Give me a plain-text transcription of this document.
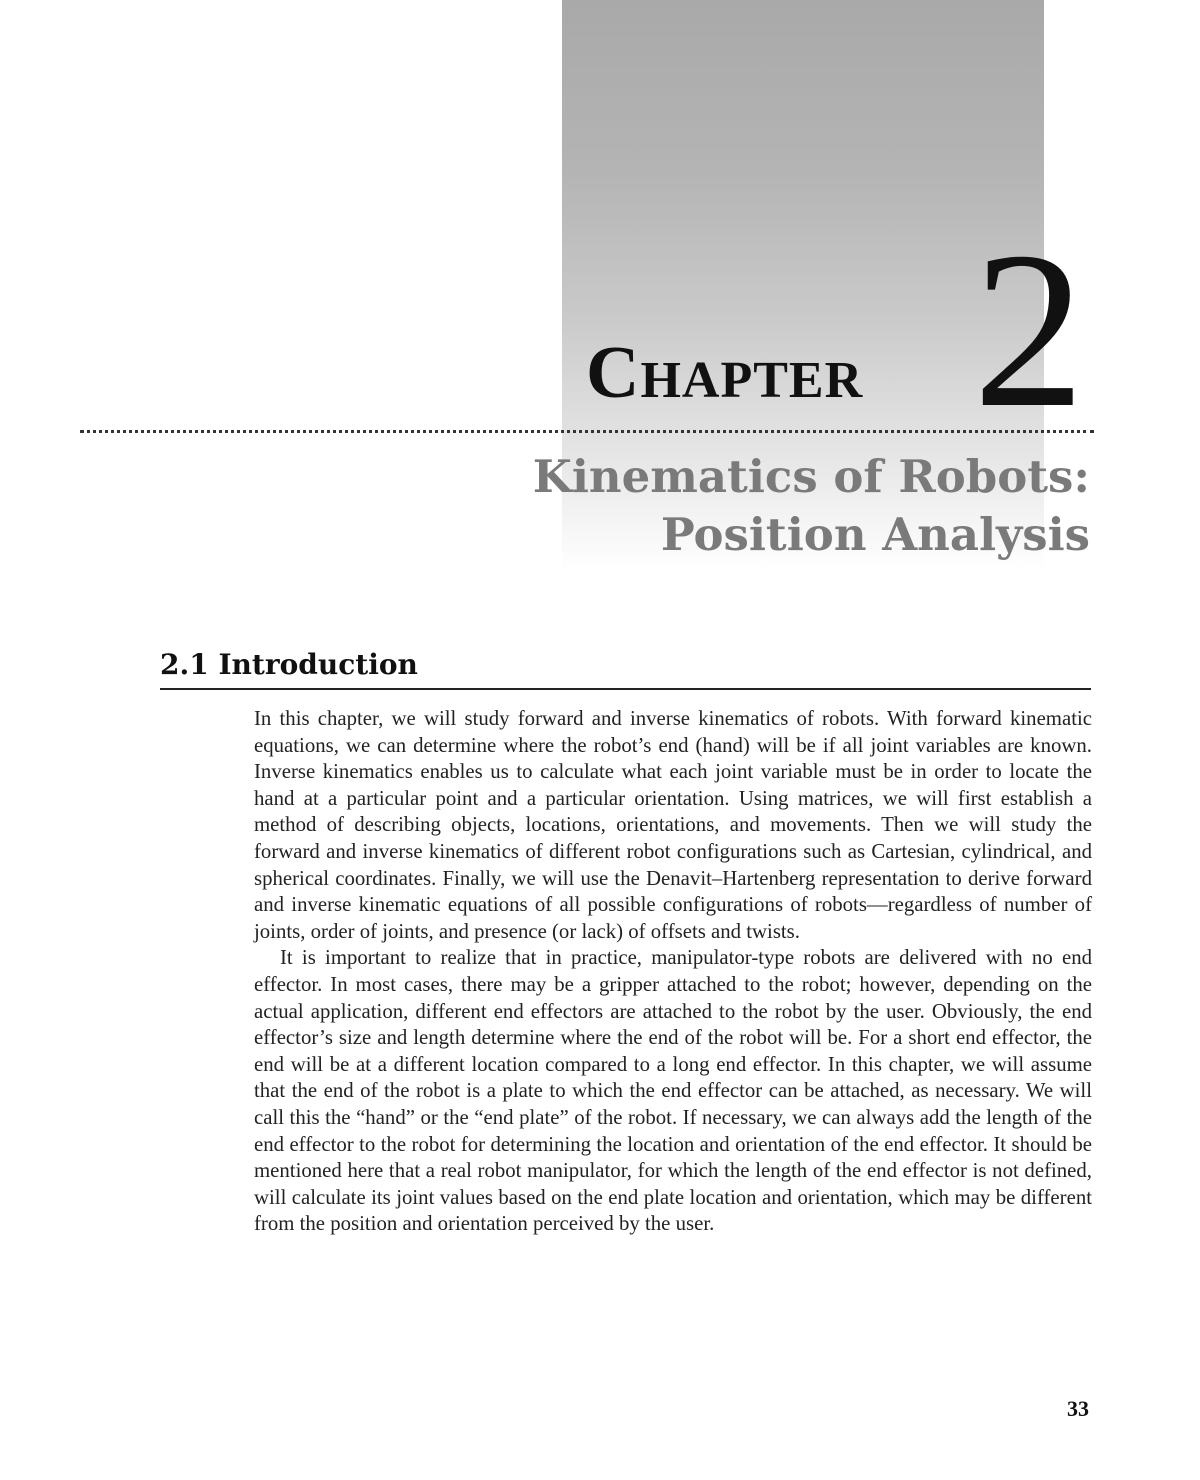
Chapter 2
Kinematics of Robots:
Position Analysis
2.1 Introduction

In this chapter, we will study forward and inverse kinematics of robots. With forward kinematic equations, we can determine where the robot’s end (hand) will be if all joint variables are known. Inverse kinematics enables us to calculate what each joint variable must be in order to locate the hand at a particular point and a particular orientation. Using matrices, we will first establish a method of describing objects, locations, orientations, and movements. Then we will study the forward and inverse kinematics of different robot configurations such as Cartesian, cylindrical, and spherical coordinates. Finally, we will use the Denavit–Hartenberg representation to derive forward and inverse kinematic equations of all possible configurations of robots—regardless of number of joints, order of joints, and presence (or lack) of offsets and twists.

It is important to realize that in practice, manipulator-type robots are delivered with no end effector. In most cases, there may be a gripper attached to the robot; however, depending on the actual application, different end effectors are attached to the robot by the user. Obviously, the end effector’s size and length determine where the end of the robot will be. For a short end effector, the end will be at a different location compared to a long end effector. In this chapter, we will assume that the end of the robot is a plate to which the end effector can be attached, as necessary. We will call this the “hand” or the “end plate” of the robot. If necessary, we can always add the length of the end effector to the robot for determining the location and orientation of the end effector. It should be mentioned here that a real robot manipulator, for which the length of the end effector is not defined, will calculate its joint values based on the end plate location and orientation, which may be different from the position and orientation perceived by the user.

33
